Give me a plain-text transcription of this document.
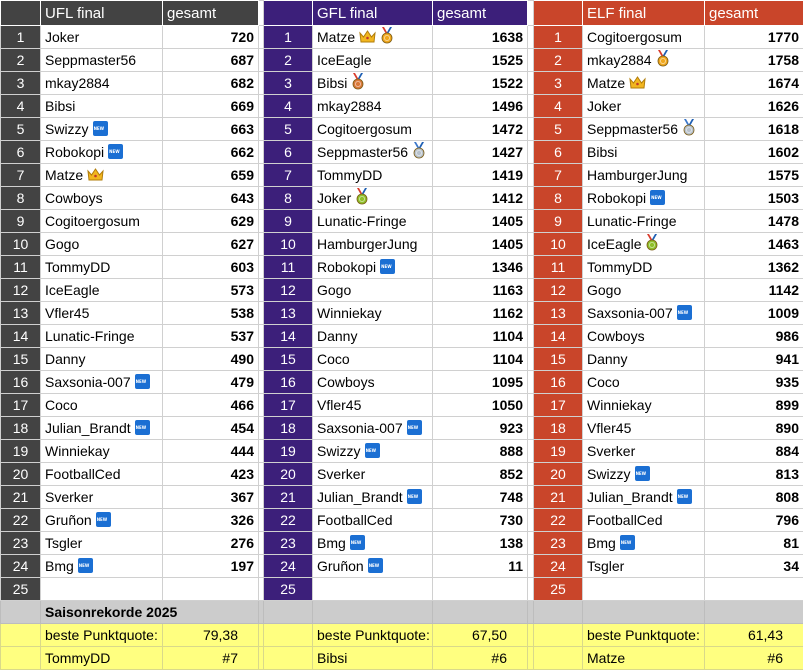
	UFL final	gesamt			GFL final	gesamt			ELF final	gesamt
1	Joker	720		1	Matze	1638		1	Cogitoergosum	1770
2	Seppmaster56	687		2	IceEagle	1525		2	mkay2884	1758
3	mkay2884	682		3	Bibsi	1522		3	Matze	1674
4	Bibsi	669		4	mkay2884	1496		4	Joker	1626
5	SwizzyNEW	663		5	Cogitoergosum	1472		5	Seppmaster56	1618
6	RobokopiNEW	662		6	Seppmaster56	1427		6	Bibsi	1602
7	Matze	659		7	TommyDD	1419		7	HamburgerJung	1575
8	Cowboys	643		8	Joker	1412		8	RobokopiNEW	1503
9	Cogitoergosum	629		9	Lunatic-Fringe	1405		9	Lunatic-Fringe	1478
10	Gogo	627		10	HamburgerJung	1405		10	IceEagle	1463
11	TommyDD	603		11	RobokopiNEW	1346		11	TommyDD	1362
12	IceEagle	573		12	Gogo	1163		12	Gogo	1142
13	Vfler45	538		13	Winniekay	1162		13	Saxsonia-007NEW	1009
14	Lunatic-Fringe	537		14	Danny	1104		14	Cowboys	986
15	Danny	490		15	Coco	1104		15	Danny	941
16	Saxsonia-007NEW	479		16	Cowboys	1095		16	Coco	935
17	Coco	466		17	Vfler45	1050		17	Winniekay	899
18	Julian_BrandtNEW	454		18	Saxsonia-007NEW	923		18	Vfler45	890
19	Winniekay	444		19	SwizzyNEW	888		19	Sverker	884
20	FootballCed	423		20	Sverker	852		20	SwizzyNEW	813
21	Sverker	367		21	Julian_BrandtNEW	748		21	Julian_BrandtNEW	808
22	GruñonNEW	326		22	FootballCed	730		22	FootballCed	796
23	Tsgler	276		23	BmgNEW	138		23	BmgNEW	81
24	BmgNEW	197		24	GruñonNEW	11		24	Tsgler	34
25				25				25		
	Saisonrekorde 2025									
	beste Punktquote:	79,38			beste Punktquote:	67,50			beste Punktquote:	61,43
	TommyDD	#7			Bibsi	#6			Matze	#6
